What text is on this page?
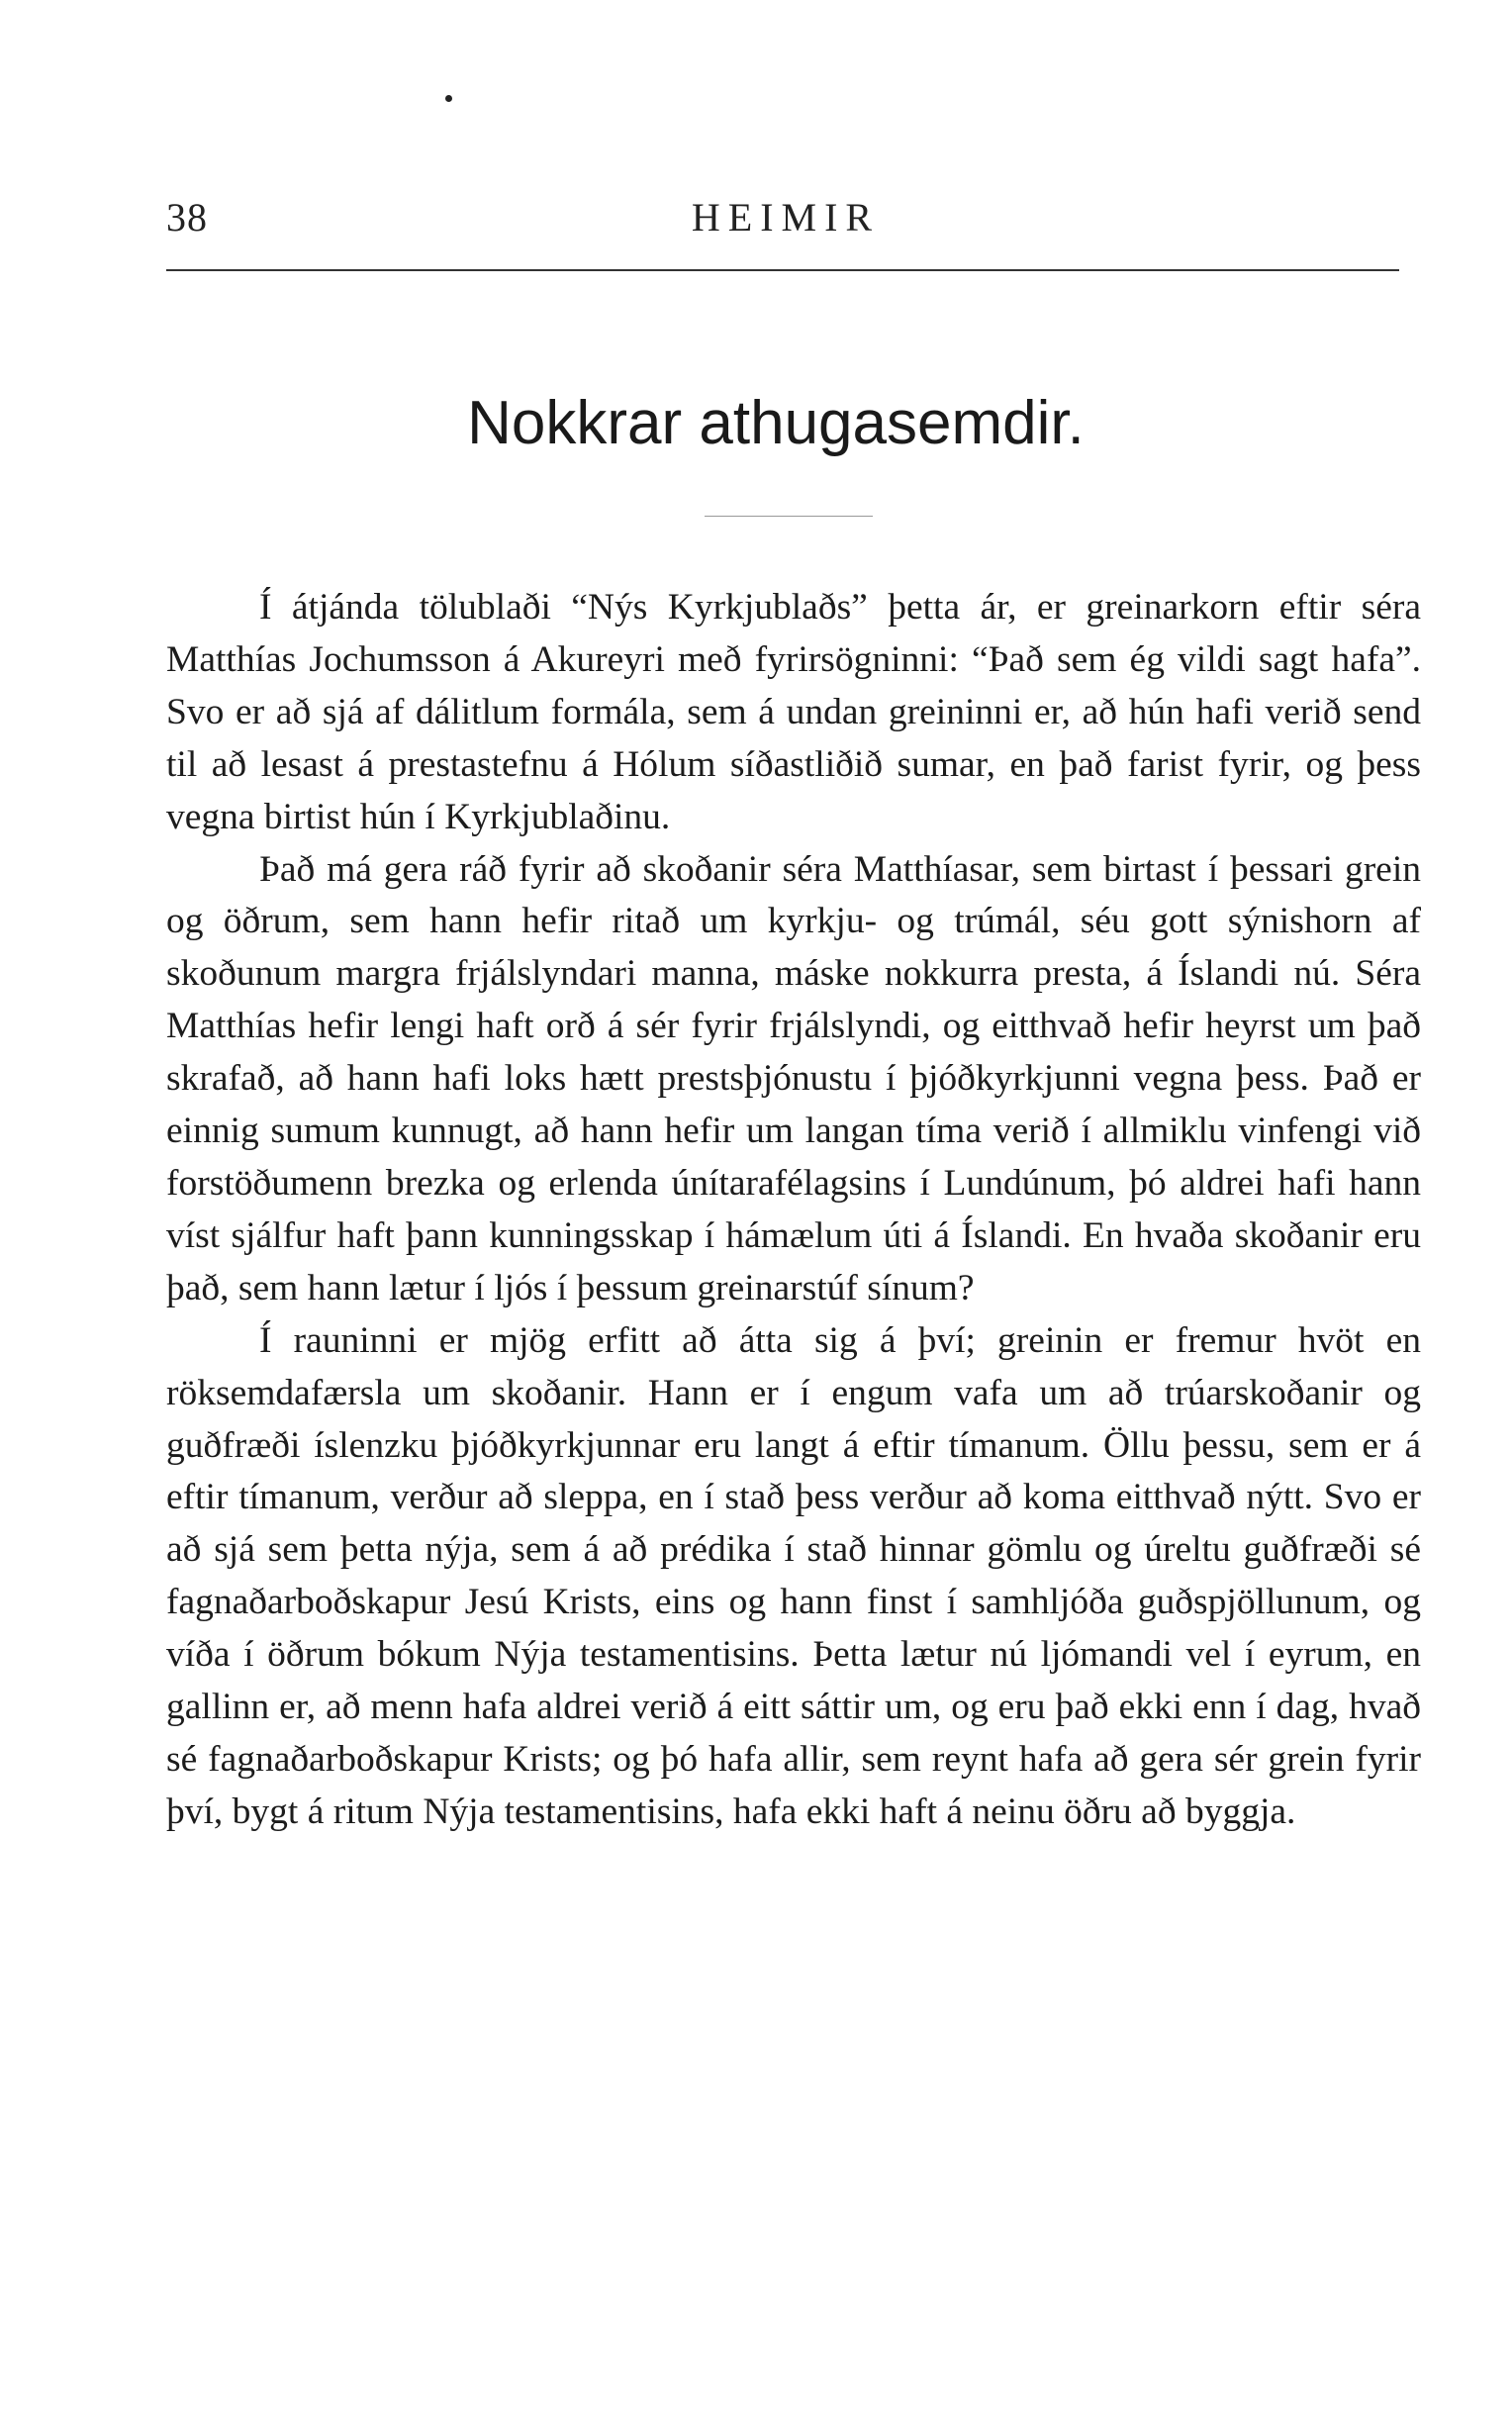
38	HEIMIR
Nokkrar athugasemdir.

Í átjánda tölublaði “Nýs Kyrkjublaðs” þetta ár, er greinarkorn eftir séra Matthías Jochumsson á Akureyri með fyrirsögninni: “Það sem ég vildi sagt hafa”. Svo er að sjá af dálitlum formála, sem á undan greininni er, að hún hafi verið send til að lesast á prestastefnu á Hólum síðastliðið sumar, en það farist fyrir, og þess vegna birtist hún í Kyrkjublaðinu.

Það má gera ráð fyrir að skoðanir séra Matthíasar, sem birtast í þessari grein og öðrum, sem hann hefir ritað um kyrkju- og trúmál, séu gott sýnishorn af skoðunum margra frjálslyndari manna, máske nokkurra presta, á Íslandi nú. Séra Matthías hefir lengi haft orð á sér fyrir frjálslyndi, og eitthvað hefir heyrst um það skrafað, að hann hafi loks hætt prestsþjónustu í þjóðkyrkjunni vegna þess. Það er einnig sumum kunnugt, að hann hefir um langan tíma verið í allmiklu vinfengi við forstöðumenn brezka og erlenda únítarafélagsins í Lundúnum, þó aldrei hafi hann víst sjálfur haft þann kunningsskap í hámælum úti á Íslandi. En hvaða skoðanir eru það, sem hann lætur í ljós í þessum greinarstúf sínum?

Í rauninni er mjög erfitt að átta sig á því; greinin er fremur hvöt en röksemdafærsla um skoðanir. Hann er í engum vafa um að trúarskoðanir og guðfræði íslenzku þjóðkyrkjunnar eru langt á eftir tímanum. Öllu þessu, sem er á eftir tímanum, verður að sleppa, en í stað þess verður að koma eitthvað nýtt. Svo er að sjá sem þetta nýja, sem á að prédika í stað hinnar gömlu og úreltu guðfræði sé fagnaðarboðskapur Jesú Krists, eins og hann finst í samhljóða guðspjöllunum, og víða í öðrum bókum Nýja testamentisins. Þetta lætur nú ljómandi vel í eyrum, en gallinn er, að menn hafa aldrei verið á eitt sáttir um, og eru það ekki enn í dag, hvað sé fagnaðarboðskapur Krists; og þó hafa allir, sem reynt hafa að gera sér grein fyrir því, bygt á ritum Nýja testamentisins, hafa ekki haft á neinu öðru að byggja.
